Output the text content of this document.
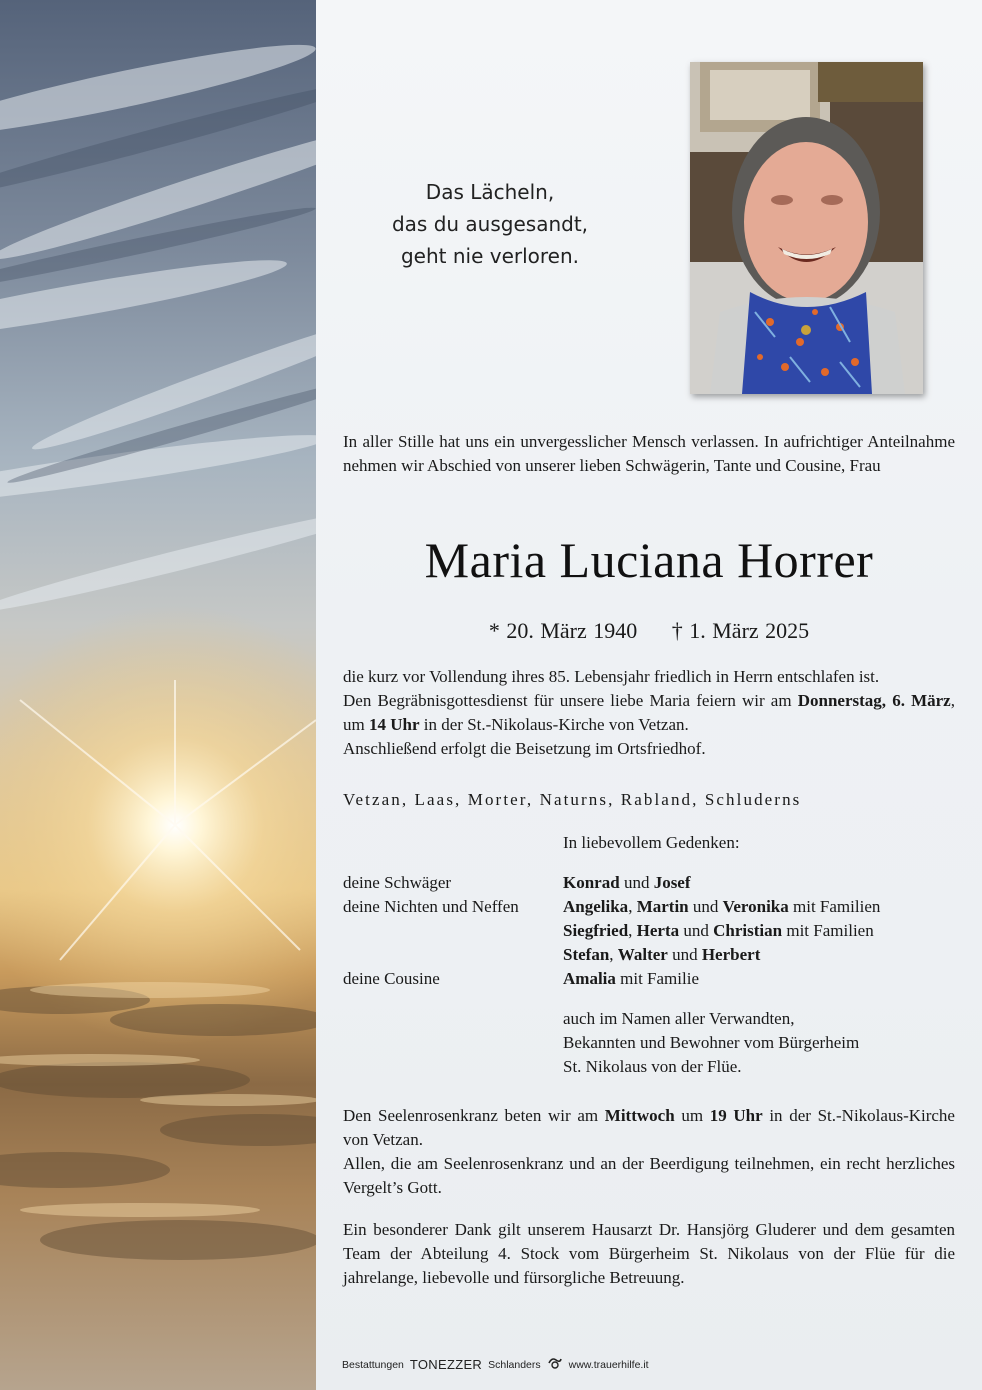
Das Lächeln,
das du ausgesandt,
geht nie verloren.
In aller Stille hat uns ein unvergesslicher Mensch verlassen. In aufrichtiger Anteilnahme nehmen wir Abschied von unserer lieben Schwägerin, Tante und Cousine, Frau
Maria Luciana Horrer
* 20. März 1940 † 1. März 2025

die kurz vor Vollendung ihres 85. Lebensjahr friedlich in Herrn entschlafen ist.

Den Begräbnisgottesdienst für unsere liebe Maria feiern wir am Donnerstag, 6. März, um 14 Uhr in der St.-Nikolaus-Kirche von Vetzan.

Anschließend erfolgt die Beisetzung im Ortsfriedhof.

Vetzan, Laas, Morter, Naturns, Rabland, Schluderns
In liebevollem Gedenken:
deine Schwäger	Konrad und Josef
deine Nichten und Neffen	Angelika, Martin und Veronika mit Familien
Siegfried, Herta und Christian mit Familien
Stefan, Walter und Herbert
deine Cousine	Amalia mit Familie
auch im Namen aller Verwandten,
Bekannten und Bewohner vom Bürgerheim
St. Nikolaus von der Flüe.

Den Seelenrosenkranz beten wir am Mittwoch um 19 Uhr in der St.-Nikolaus-Kirche von Vetzan.

Allen, die am Seelenrosenkranz und an der Beerdigung teilnehmen, ein recht herzliches Vergelt’s Gott.

Ein besonderer Dank gilt unserem Hausarzt Dr. Hansjörg Gluderer und dem gesamten Team der Abteilung 4. Stock vom Bürgerheim St. Nikolaus von der Flüe für die jahrelange, liebevolle und fürsorgliche Betreuung.
Bestattungen TONEZZER Schlanders	www.trauerhilfe.it
